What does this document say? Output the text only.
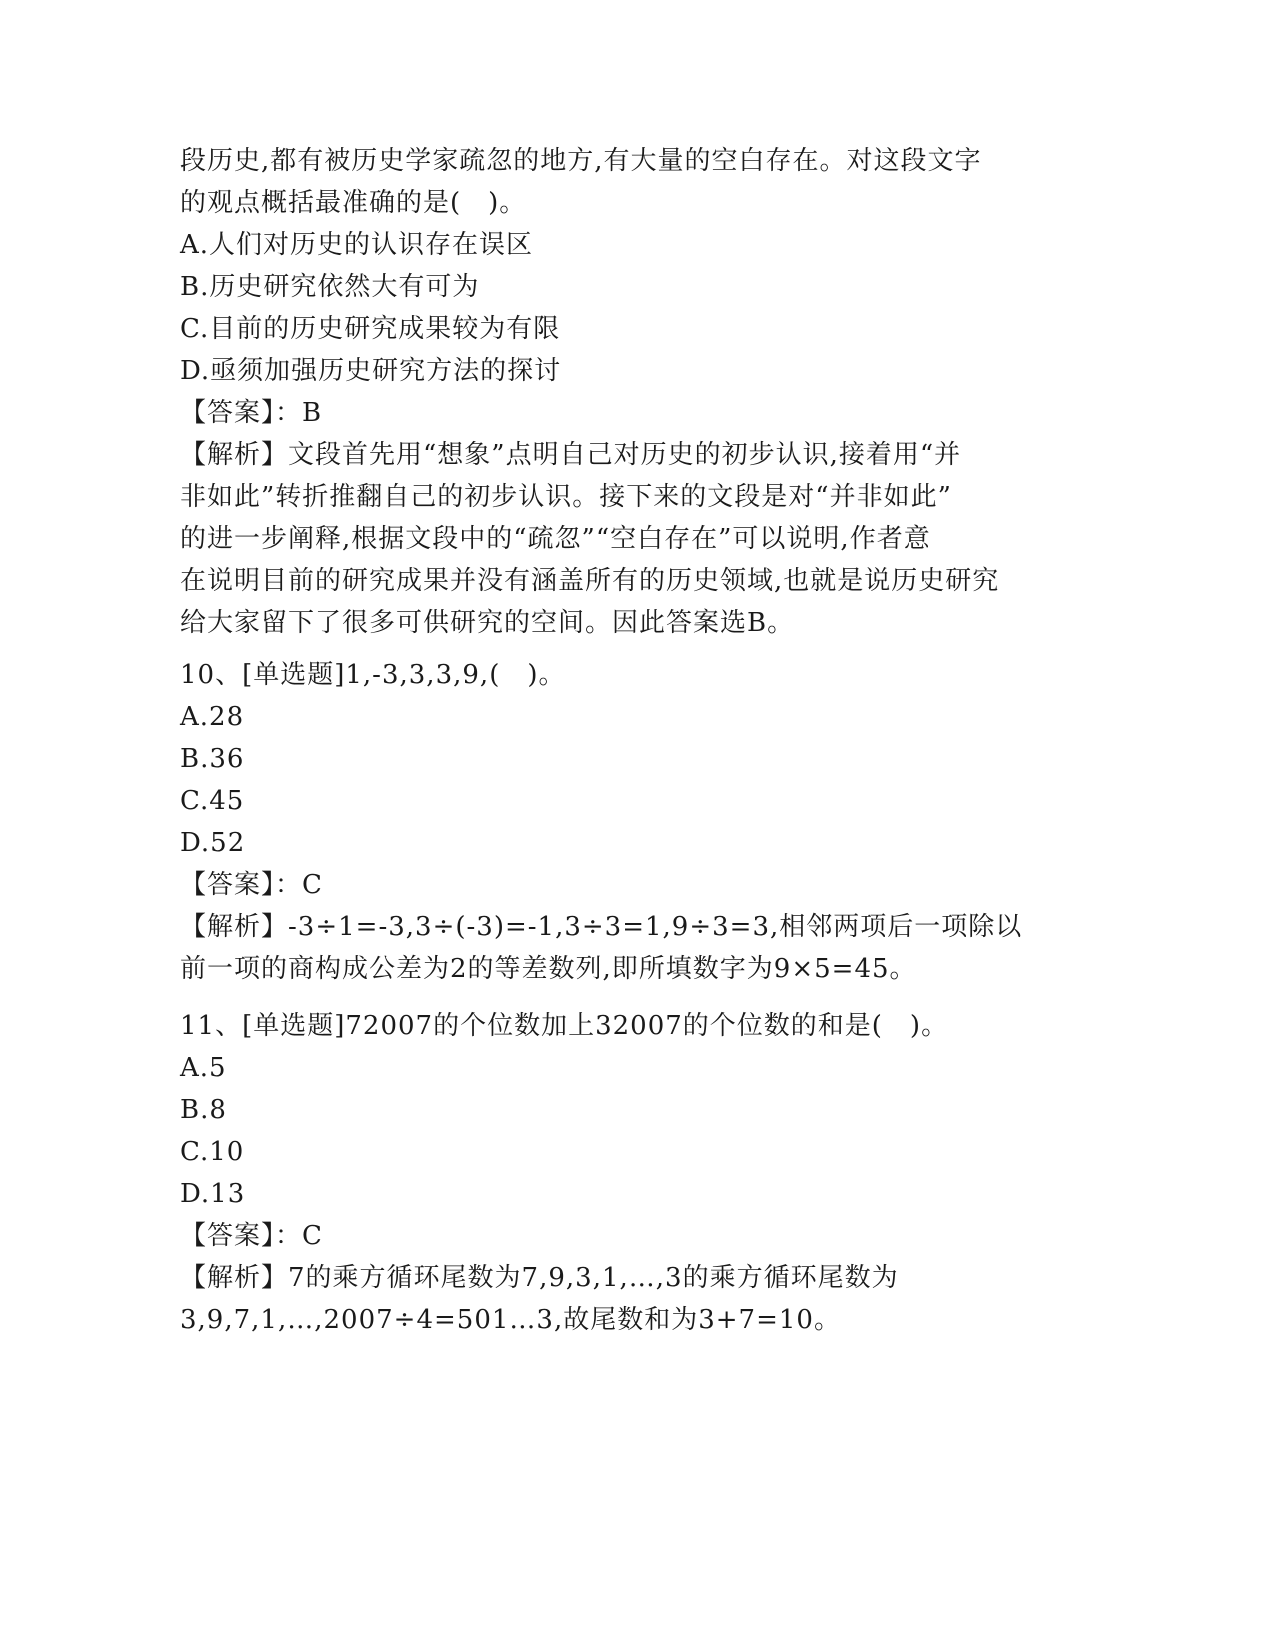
段历史,都有被历史学家疏忽的地方,有大量的空白存在。对这段文字
的观点概括最准确的是(　)。
A.人们对历史的认识存在误区
B.历史研究依然大有可为
C.目前的历史研究成果较为有限
D.亟须加强历史研究方法的探讨
【答案】：B
【解析】文段首先用“想象”点明自己对历史的初步认识,接着用“并
非如此”转折推翻自己的初步认识。接下来的文段是对“并非如此”
的进一步阐释,根据文段中的“疏忽”“空白存在”可以说明,作者意
在说明目前的研究成果并没有涵盖所有的历史领域,也就是说历史研究
给大家留下了很多可供研究的空间。因此答案选B。
10、[单选题]1,-3,3,3,9,(　)。
A.28
B.36
C.45
D.52
【答案】：C
【解析】-3÷1=-3,3÷(-3)=-1,3÷3=1,9÷3=3,相邻两项后一项除以
前一项的商构成公差为2的等差数列,即所填数字为9×5=45。
11、[单选题]72007的个位数加上32007的个位数的和是(　)。
A.5
B.8
C.10
D.13
【答案】：C
【解析】7的乘方循环尾数为7,9,3,1,…,3的乘方循环尾数为
3,9,7,1,…,2007÷4=501…3,故尾数和为3+7=10。
